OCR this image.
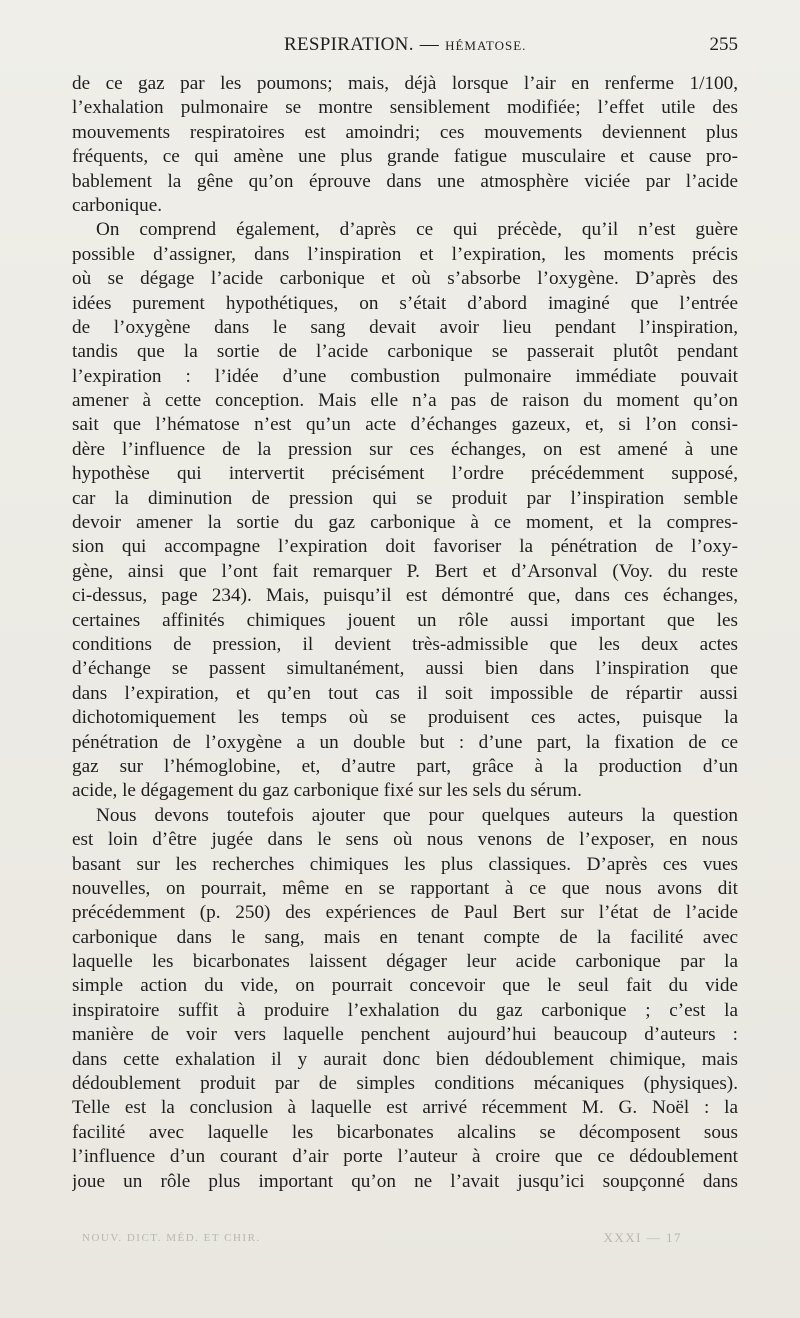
RESPIRATION. — HÉMATOSE.	255
de ce gaz par les poumons; mais, déjà lorsque l’air en renferme 1/100,
l’exhalation pulmonaire se montre sensiblement modifiée; l’effet utile des
mouvements respiratoires est amoindri; ces mouvements deviennent plus
fréquents, ce qui amène une plus grande fatigue musculaire et cause pro-
bablement la gêne qu’on éprouve dans une atmosphère viciée par l’acide
carbonique.
On comprend également, d’après ce qui précède, qu’il n’est guère
possible d’assigner, dans l’inspiration et l’expiration, les moments précis
où se dégage l’acide carbonique et où s’absorbe l’oxygène. D’après des
idées purement hypothétiques, on s’était d’abord imaginé que l’entrée
de l’oxygène dans le sang devait avoir lieu pendant l’inspiration,
tandis que la sortie de l’acide carbonique se passerait plutôt pendant
l’expiration : l’idée d’une combustion pulmonaire immédiate pouvait
amener à cette conception. Mais elle n’a pas de raison du moment qu’on
sait que l’hématose n’est qu’un acte d’échanges gazeux, et, si l’on consi-
dère l’influence de la pression sur ces échanges, on est amené à une
hypothèse qui intervertit précisément l’ordre précédemment supposé,
car la diminution de pression qui se produit par l’inspiration semble
devoir amener la sortie du gaz carbonique à ce moment, et la compres-
sion qui accompagne l’expiration doit favoriser la pénétration de l’oxy-
gène, ainsi que l’ont fait remarquer P. Bert et d’Arsonval (Voy. du reste
ci-dessus, page 234). Mais, puisqu’il est démontré que, dans ces échanges,
certaines affinités chimiques jouent un rôle aussi important que les
conditions de pression, il devient très-admissible que les deux actes
d’échange se passent simultanément, aussi bien dans l’inspiration que
dans l’expiration, et qu’en tout cas il soit impossible de répartir aussi
dichotomiquement les temps où se produisent ces actes, puisque la
pénétration de l’oxygène a un double but : d’une part, la fixation de ce
gaz sur l’hémoglobine, et, d’autre part, grâce à la production d’un
acide, le dégagement du gaz carbonique fixé sur les sels du sérum.
Nous devons toutefois ajouter que pour quelques auteurs la question
est loin d’être jugée dans le sens où nous venons de l’exposer, en nous
basant sur les recherches chimiques les plus classiques. D’après ces vues
nouvelles, on pourrait, même en se rapportant à ce que nous avons dit
précédemment (p. 250) des expériences de Paul Bert sur l’état de l’acide
carbonique dans le sang, mais en tenant compte de la facilité avec
laquelle les bicarbonates laissent dégager leur acide carbonique par la
simple action du vide, on pourrait concevoir que le seul fait du vide
inspiratoire suffit à produire l’exhalation du gaz carbonique ; c’est la
manière de voir vers laquelle penchent aujourd’hui beaucoup d’auteurs :
dans cette exhalation il y aurait donc bien dédoublement chimique, mais
dédoublement produit par de simples conditions mécaniques (physiques).
Telle est la conclusion à laquelle est arrivé récemment M. G. Noël : la
facilité avec laquelle les bicarbonates alcalins se décomposent sous
l’influence d’un courant d’air porte l’auteur à croire que ce dédoublement
joue un rôle plus important qu’on ne l’avait jusqu’ici soupçonné dans
NOUV. DICT. MÉD. ET CHIR.	XXXI — 17
